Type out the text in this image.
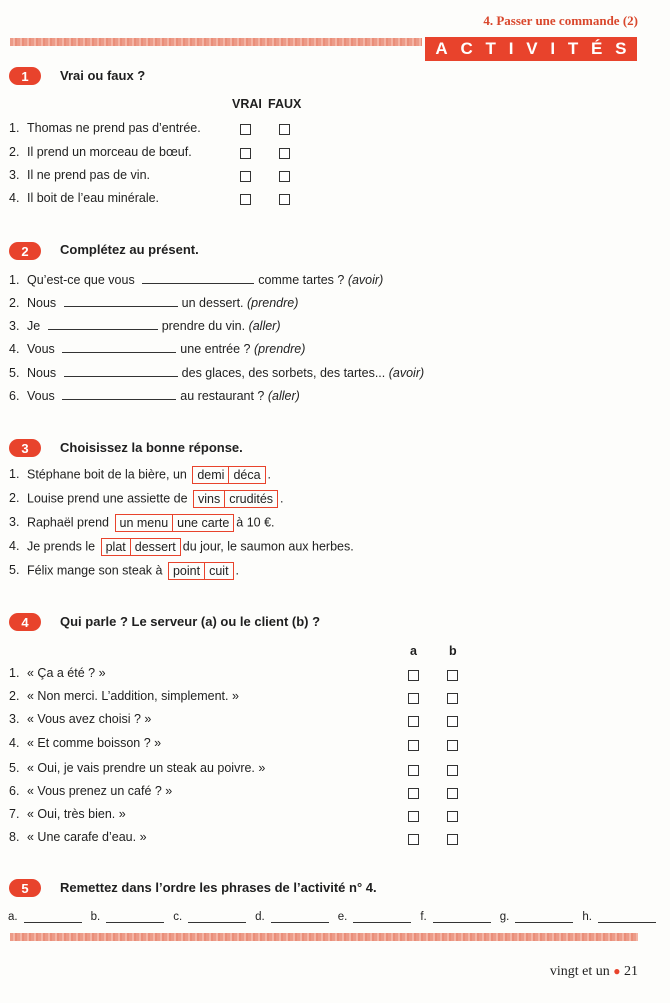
4. Passer une commande (2)
A C T I V I T É S
1	Vrai ou faux ?
VRAI FAUX
1. Thomas ne prend pas d’entrée.
2. Il prend un morceau de bœuf.
3. Il ne prend pas de vin.
4. Il boit de l’eau minérale.
2	Complétez au présent.
1. Qu’est-ce que vous	comme tartes ? (avoir)
2. Nous	un dessert. (prendre)
3. Je	prendre du vin. (aller)
4. Vous	une entrée ? (prendre)
5. Nous	des glaces, des sorbets, des tartes... (avoir)
6. Vous	au restaurant ? (aller)
3	Choisissez la bonne réponse.
1. Stéphane boit de la bière, un demi déca .
2. Louise prend une assiette de vins crudités .
3. Raphaël prend un menu une carte à 10 €.
4. Je prends le plat dessert du jour, le saumon aux herbes.
5. Félix mange son steak à point cuit .
4	Qui parle ? Le serveur (a) ou le client (b) ?
a	b
1. « Ça a été ? »
2. « Non merci. L’addition, simplement. »
3. « Vous avez choisi ? »
4. « Et comme boisson ? »
5. « Oui, je vais prendre un steak au poivre. »
6. « Vous prenez un café ? »
7. « Oui, très bien. »
8. « Une carafe d’eau. »
5	Remettez dans l’ordre les phrases de l’activité n° 4.
a.	b.	c.	d.	e.	f.	g.	h.
vingt et un ● 21
